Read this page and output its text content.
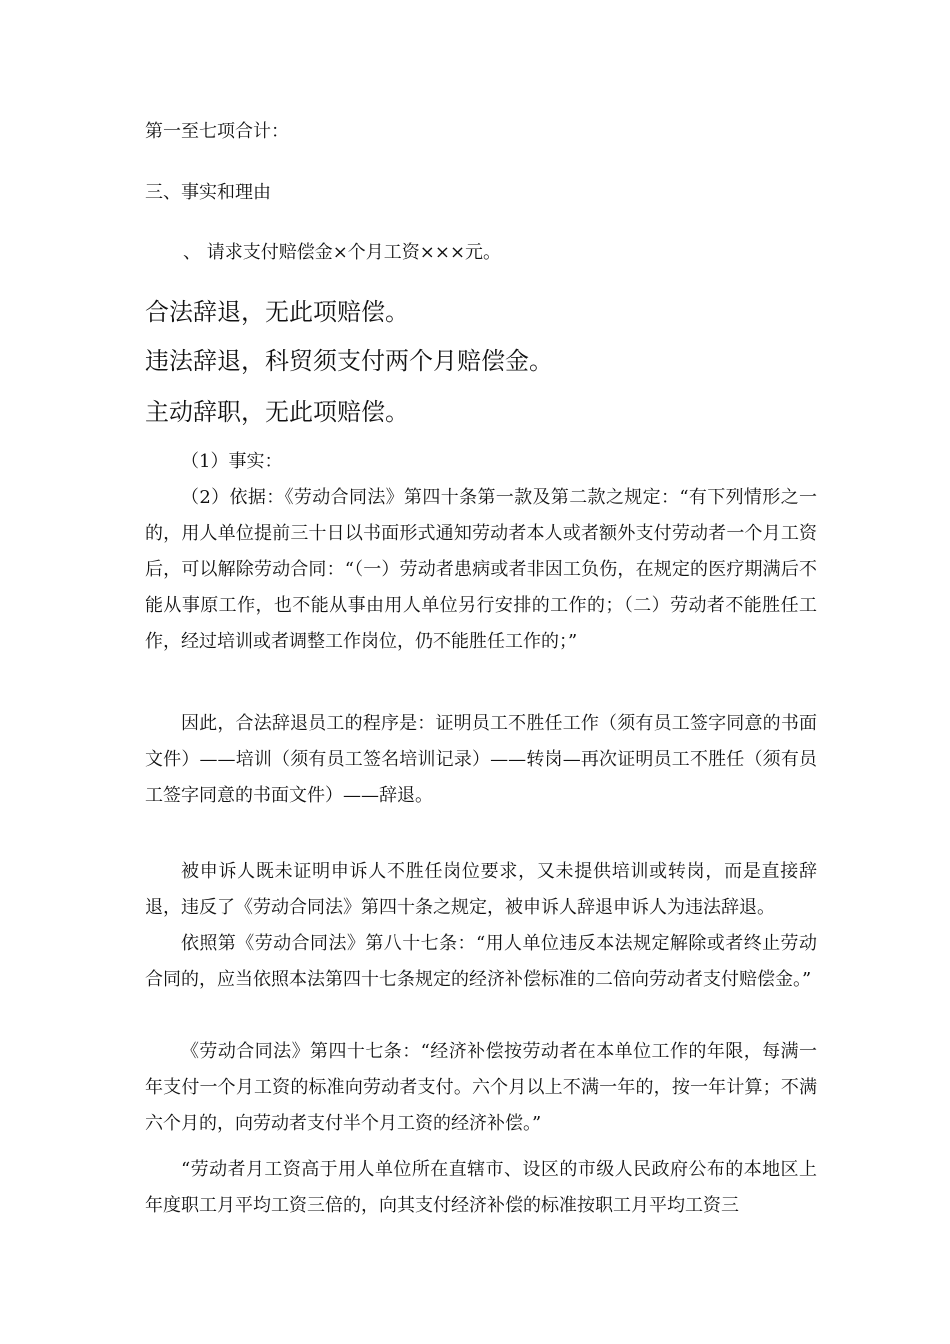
第一至七项合计：
三、事实和理由
、 请求支付赔偿金×个月工资×××元。
合法辞退，无此项赔偿。
违法辞退，科贸须支付两个月赔偿金。
主动辞职，无此项赔偿。
（1）事实：
（2）依据：《劳动合同法》第四十条第一款及第二款之规定：“有下列情形之一的，用人单位提前三十日以书面形式通知劳动者本人或者额外支付劳动者一个月工资后，可以解除劳动合同：“（一）劳动者患病或者非因工负伤，在规定的医疗期满后不能从事原工作，也不能从事由用人单位另行安排的工作的；（二）劳动者不能胜任工作，经过培训或者调整工作岗位，仍不能胜任工作的；”
因此，合法辞退员工的程序是：证明员工不胜任工作（须有员工签字同意的书面文件）——培训（须有员工签名培训记录）——转岗—再次证明员工不胜任（须有员工签字同意的书面文件）——辞退。
被申诉人既未证明申诉人不胜任岗位要求，又未提供培训或转岗，而是直接辞退，违反了《劳动合同法》第四十条之规定，被申诉人辞退申诉人为违法辞退。
依照第《劳动合同法》第八十七条：“用人单位违反本法规定解除或者终止劳动合同的，应当依照本法第四十七条规定的经济补偿标准的二倍向劳动者支付赔偿金。”
《劳动合同法》第四十七条：“经济补偿按劳动者在本单位工作的年限，每满一年支付一个月工资的标准向劳动者支付。六个月以上不满一年的，按一年计算；不满六个月的，向劳动者支付半个月工资的经济补偿。”
“劳动者月工资高于用人单位所在直辖市、设区的市级人民政府公布的本地区上年度职工月平均工资三倍的，向其支付经济补偿的标准按职工月平均工资三
